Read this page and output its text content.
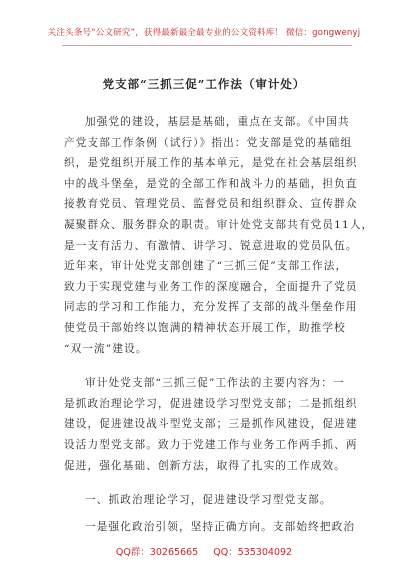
关注头条号“公文研究”，获得最新最全最专业的公文资料库！ 微信：gongwenyj
党支部“三抓三促”工作法（审计处）

加强党的建设，基层是基础，重点在支部。《中国共

产党支部工作条例（试行）》指出：党支部是党的基础组

织，是党组织开展工作的基本单元，是党在社会基层组织

中的战斗堡垒，是党的全部工作和战斗力的基础，担负直

接教育党员、管理党员、监督党员和组织群众、宣传群众

凝聚群众、服务群众的职责。审计处党支部共有党员11人，

是一支有活力、有激情、讲学习、锐意进取的党员队伍。

近年来，审计处党支部创建了“三抓三促”支部工作法，

致力于实现党建与业务工作的深度融合，全面提升了党员

同志的学习和工作能力，充分发挥了支部的战斗堡垒作用

使党员干部始终以饱满的精神状态开展工作，助推学校

“双一流”建设。

审计处党支部“三抓三促”工作法的主要内容为：一

是抓政治理论学习，促进建设学习型党支部；二是抓组织

建设，促进建设战斗型党支部；三是抓作风建设，促进建

设活力型党支部。致力于党建工作与业务工作两手抓、两

促进，强化基础、创新方法，取得了扎实的工作成效。

一、抓政治理论学习，促进建设学习型党支部。
一是强化政治引领，坚持正确方向。支部始终把政治
QQ群：30265665 QQ：535304092
